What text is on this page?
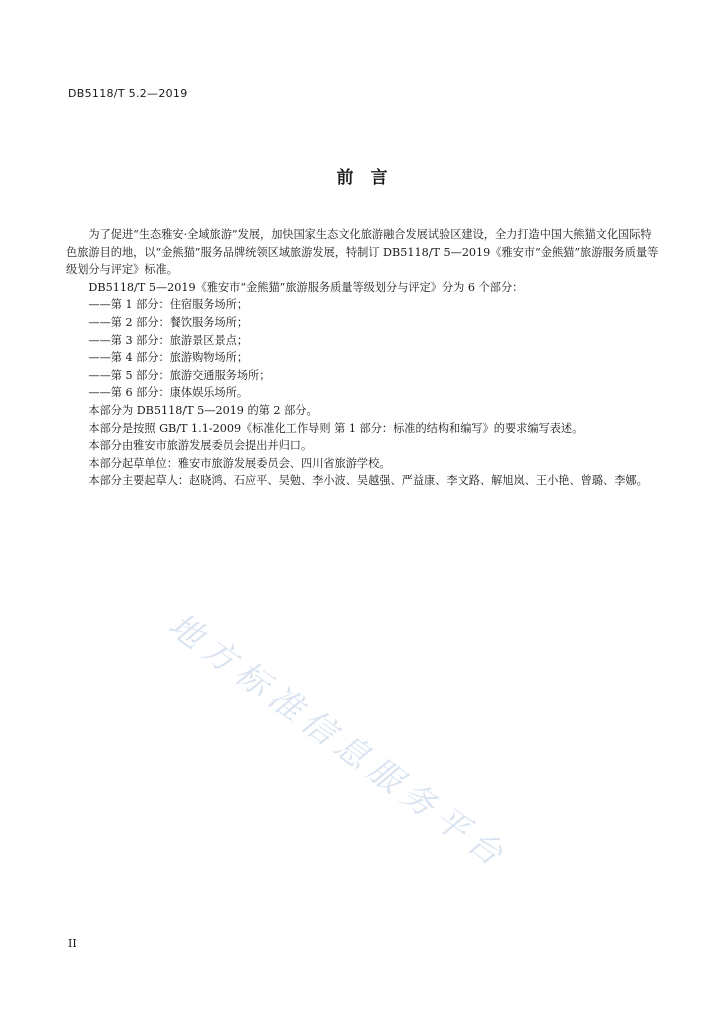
DB5118/T 5.2—2019
前　言

为了促进“生态雅安·全域旅游”发展，加快国家生态文化旅游融合发展试验区建设，全力打造中国大熊猫文化国际特色旅游目的地，以“金熊猫”服务品牌统领区域旅游发展，特制订 DB5118/T 5—2019《雅安市“金熊猫”旅游服务质量等级划分与评定》标准。

DB5118/T 5—2019《雅安市“金熊猫”旅游服务质量等级划分与评定》分为 6 个部分：

——第 1 部分：住宿服务场所；

——第 2 部分：餐饮服务场所；

——第 3 部分：旅游景区景点；

——第 4 部分：旅游购物场所；

——第 5 部分：旅游交通服务场所；

——第 6 部分：康体娱乐场所。

本部分为 DB5118/T 5—2019 的第 2 部分。

本部分是按照 GB/T 1.1-2009《标准化工作导则 第 1 部分：标准的结构和编写》的要求编写表述。

本部分由雅安市旅游发展委员会提出并归口。

本部分起草单位：雅安市旅游发展委员会、四川省旅游学校。

本部分主要起草人：赵晓鸿、石应平、吴勉、李小波、吴越强、严益康、李文路、解旭岚、王小艳、曾璐、李娜。

地方标准信息服务平台
II
